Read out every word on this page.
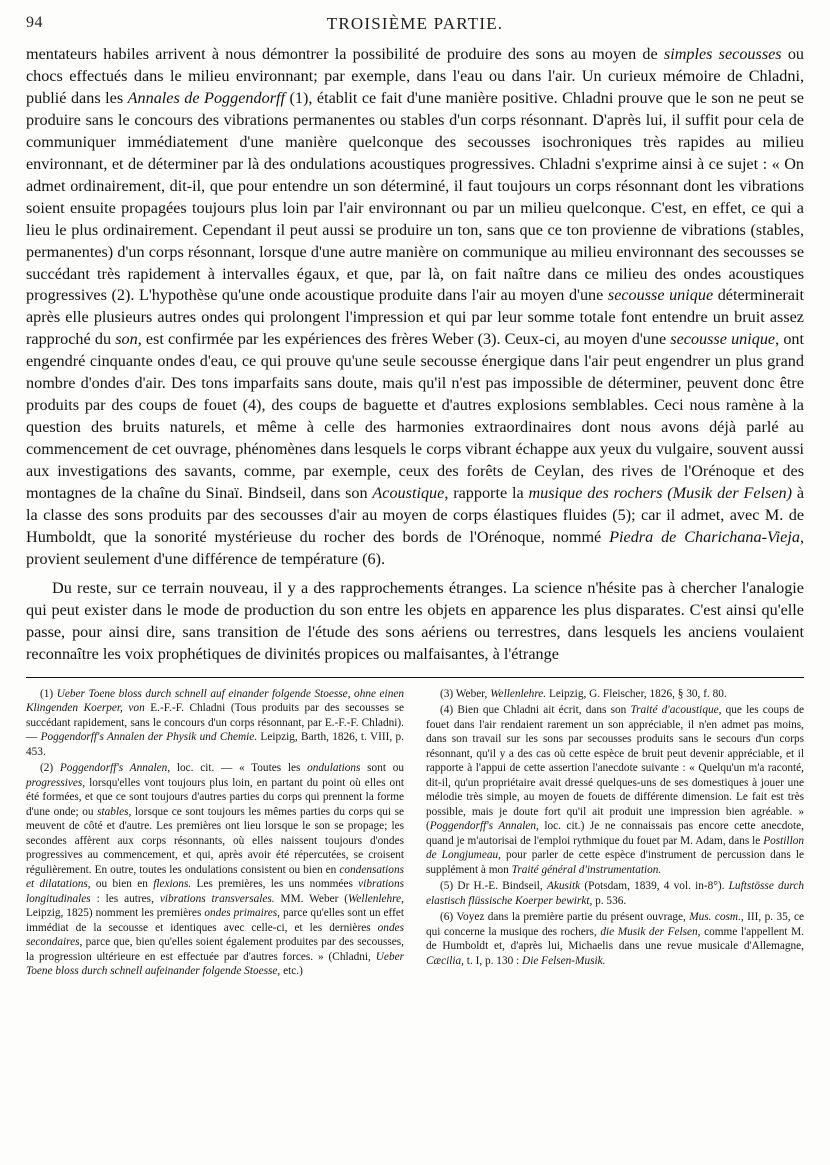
94	TROISIÈME PARTIE.

mentateurs habiles arrivent à nous démontrer la possibilité de produire des sons au moyen de simples secousses ou chocs effectués dans le milieu environnant; par exemple, dans l'eau ou dans l'air. Un curieux mémoire de Chladni, publié dans les Annales de Poggendorff (1), établit ce fait d'une manière positive. Chladni prouve que le son ne peut se produire sans le concours des vibrations permanentes ou stables d'un corps résonnant. D'après lui, il suffit pour cela de communiquer immédiatement d'une manière quelconque des secousses isochroniques très rapides au milieu environnant, et de déterminer par là des ondulations acoustiques progressives. Chladni s'exprime ainsi à ce sujet : « On admet ordinairement, dit-il, que pour entendre un son déterminé, il faut toujours un corps résonnant dont les vibrations soient ensuite propagées toujours plus loin par l'air environnant ou par un milieu quelconque. C'est, en effet, ce qui a lieu le plus ordinairement. Cependant il peut aussi se produire un ton, sans que ce ton provienne de vibrations (stables, permanentes) d'un corps résonnant, lorsque d'une autre manière on communique au milieu environnant des secousses se succédant très rapidement à intervalles égaux, et que, par là, on fait naître dans ce milieu des ondes acoustiques progressives (2). L'hypothèse qu'une onde acoustique produite dans l'air au moyen d'une secousse unique déterminerait après elle plusieurs autres ondes qui prolongent l'impression et qui par leur somme totale font entendre un bruit assez rapproché du son, est confirmée par les expériences des frères Weber (3). Ceux-ci, au moyen d'une secousse unique, ont engendré cinquante ondes d'eau, ce qui prouve qu'une seule secousse énergique dans l'air peut engendrer un plus grand nombre d'ondes d'air. Des tons imparfaits sans doute, mais qu'il n'est pas impossible de déterminer, peuvent donc être produits par des coups de fouet (4), des coups de baguette et d'autres explosions semblables. Ceci nous ramène à la question des bruits naturels, et même à celle des harmonies extraordinaires dont nous avons déjà parlé au commencement de cet ouvrage, phénomènes dans lesquels le corps vibrant échappe aux yeux du vulgaire, souvent aussi aux investigations des savants, comme, par exemple, ceux des forêts de Ceylan, des rives de l'Orénoque et des montagnes de la chaîne du Sinaï. Bindseil, dans son Acoustique, rapporte la musique des rochers (Musik der Felsen) à la classe des sons produits par des secousses d'air au moyen de corps élastiques fluides (5); car il admet, avec M. de Humboldt, que la sonorité mystérieuse du rocher des bords de l'Orénoque, nommé Piedra de Charichana-Vieja, provient seulement d'une différence de température (6).

Du reste, sur ce terrain nouveau, il y a des rapprochements étranges. La science n'hésite pas à chercher l'analogie qui peut exister dans le mode de production du son entre les objets en apparence les plus disparates. C'est ainsi qu'elle passe, pour ainsi dire, sans transition de l'étude des sons aériens ou terrestres, dans lesquels les anciens voulaient reconnaître les voix prophétiques de divinités propices ou malfaisantes, à l'étrange

(1) Ueber Toene bloss durch schnell auf einander folgende Stoesse, ohne einen Klingenden Koerper, von E.-F.-F. Chladni (Tous produits par des secousses se succédant rapidement, sans le concours d'un corps résonnant, par E.-F.-F. Chladni). — Poggendorff's Annalen der Physik und Chemie. Leipzig, Barth, 1826, t. VIII, p. 453.

(2) Poggendorff's Annalen, loc. cit. — « Toutes les ondulations sont ou progressives, lorsqu'elles vont toujours plus loin, en partant du point où elles ont été formées, et que ce sont toujours d'autres parties du corps qui prennent la forme d'une onde; ou stables, lorsque ce sont toujours les mêmes parties du corps qui se meuvent de côté et d'autre. Les premières ont lieu lorsque le son se propage; les secondes affèrent aux corps résonnants, où elles naissent toujours d'ondes progressives au commencement, et qui, après avoir été répercutées, se croisent régulièrement. En outre, toutes les ondulations consistent ou bien en condensations et dilatations, ou bien en flexions. Les premières, les uns nommées vibrations longitudinales : les autres, vibrations transversales. MM. Weber (Wellenlehre, Leipzig, 1825) nomment les premières ondes primaires, parce qu'elles sont un effet immédiat de la secousse et identiques avec celle-ci, et les dernières ondes secondaires, parce que, bien qu'elles soient également produites par des secousses, la progression ultérieure en est effectuée par d'autres forces. » (Chladni, Ueber Toene bloss durch schnell aufeinander folgende Stoesse, etc.)

(3) Weber, Wellenlehre. Leipzig, G. Fleischer, 1826, § 30, f. 80.

(4) Bien que Chladni ait écrit, dans son Traité d'acoustique, que les coups de fouet dans l'air rendaient rarement un son appréciable, il n'en admet pas moins, dans son travail sur les sons par secousses produits sans le secours d'un corps résonnant, qu'il y a des cas où cette espèce de bruit peut devenir appréciable, et il rapporte à l'appui de cette assertion l'anecdote suivante : « Quelqu'un m'a raconté, dit-il, qu'un propriétaire avait dressé quelques-uns de ses domestiques à jouer une mélodie très simple, au moyen de fouets de différente dimension. Le fait est très possible, mais je doute fort qu'il ait produit une impression bien agréable. » (Poggendorff's Annalen, loc. cit.) Je ne connaissais pas encore cette anecdote, quand je m'autorisai de l'emploi rythmique du fouet par M. Adam, dans le Postillon de Longjumeau, pour parler de cette espèce d'instrument de percussion dans le supplément à mon Traité général d'instrumentation.

(5) Dr H.-E. Bindseil, Akusitk (Potsdam, 1839, 4 vol. in-8°). Luftstösse durch elastisch flüssische Koerper bewirkt, p. 536.

(6) Voyez dans la première partie du présent ouvrage, Mus. cosm., III, p. 35, ce qui concerne la musique des rochers, die Musik der Felsen, comme l'appellent M. de Humboldt et, d'après lui, Michaelis dans une revue musicale d'Allemagne, Cæcilia, t. I, p. 130 : Die Felsen-Musik.
